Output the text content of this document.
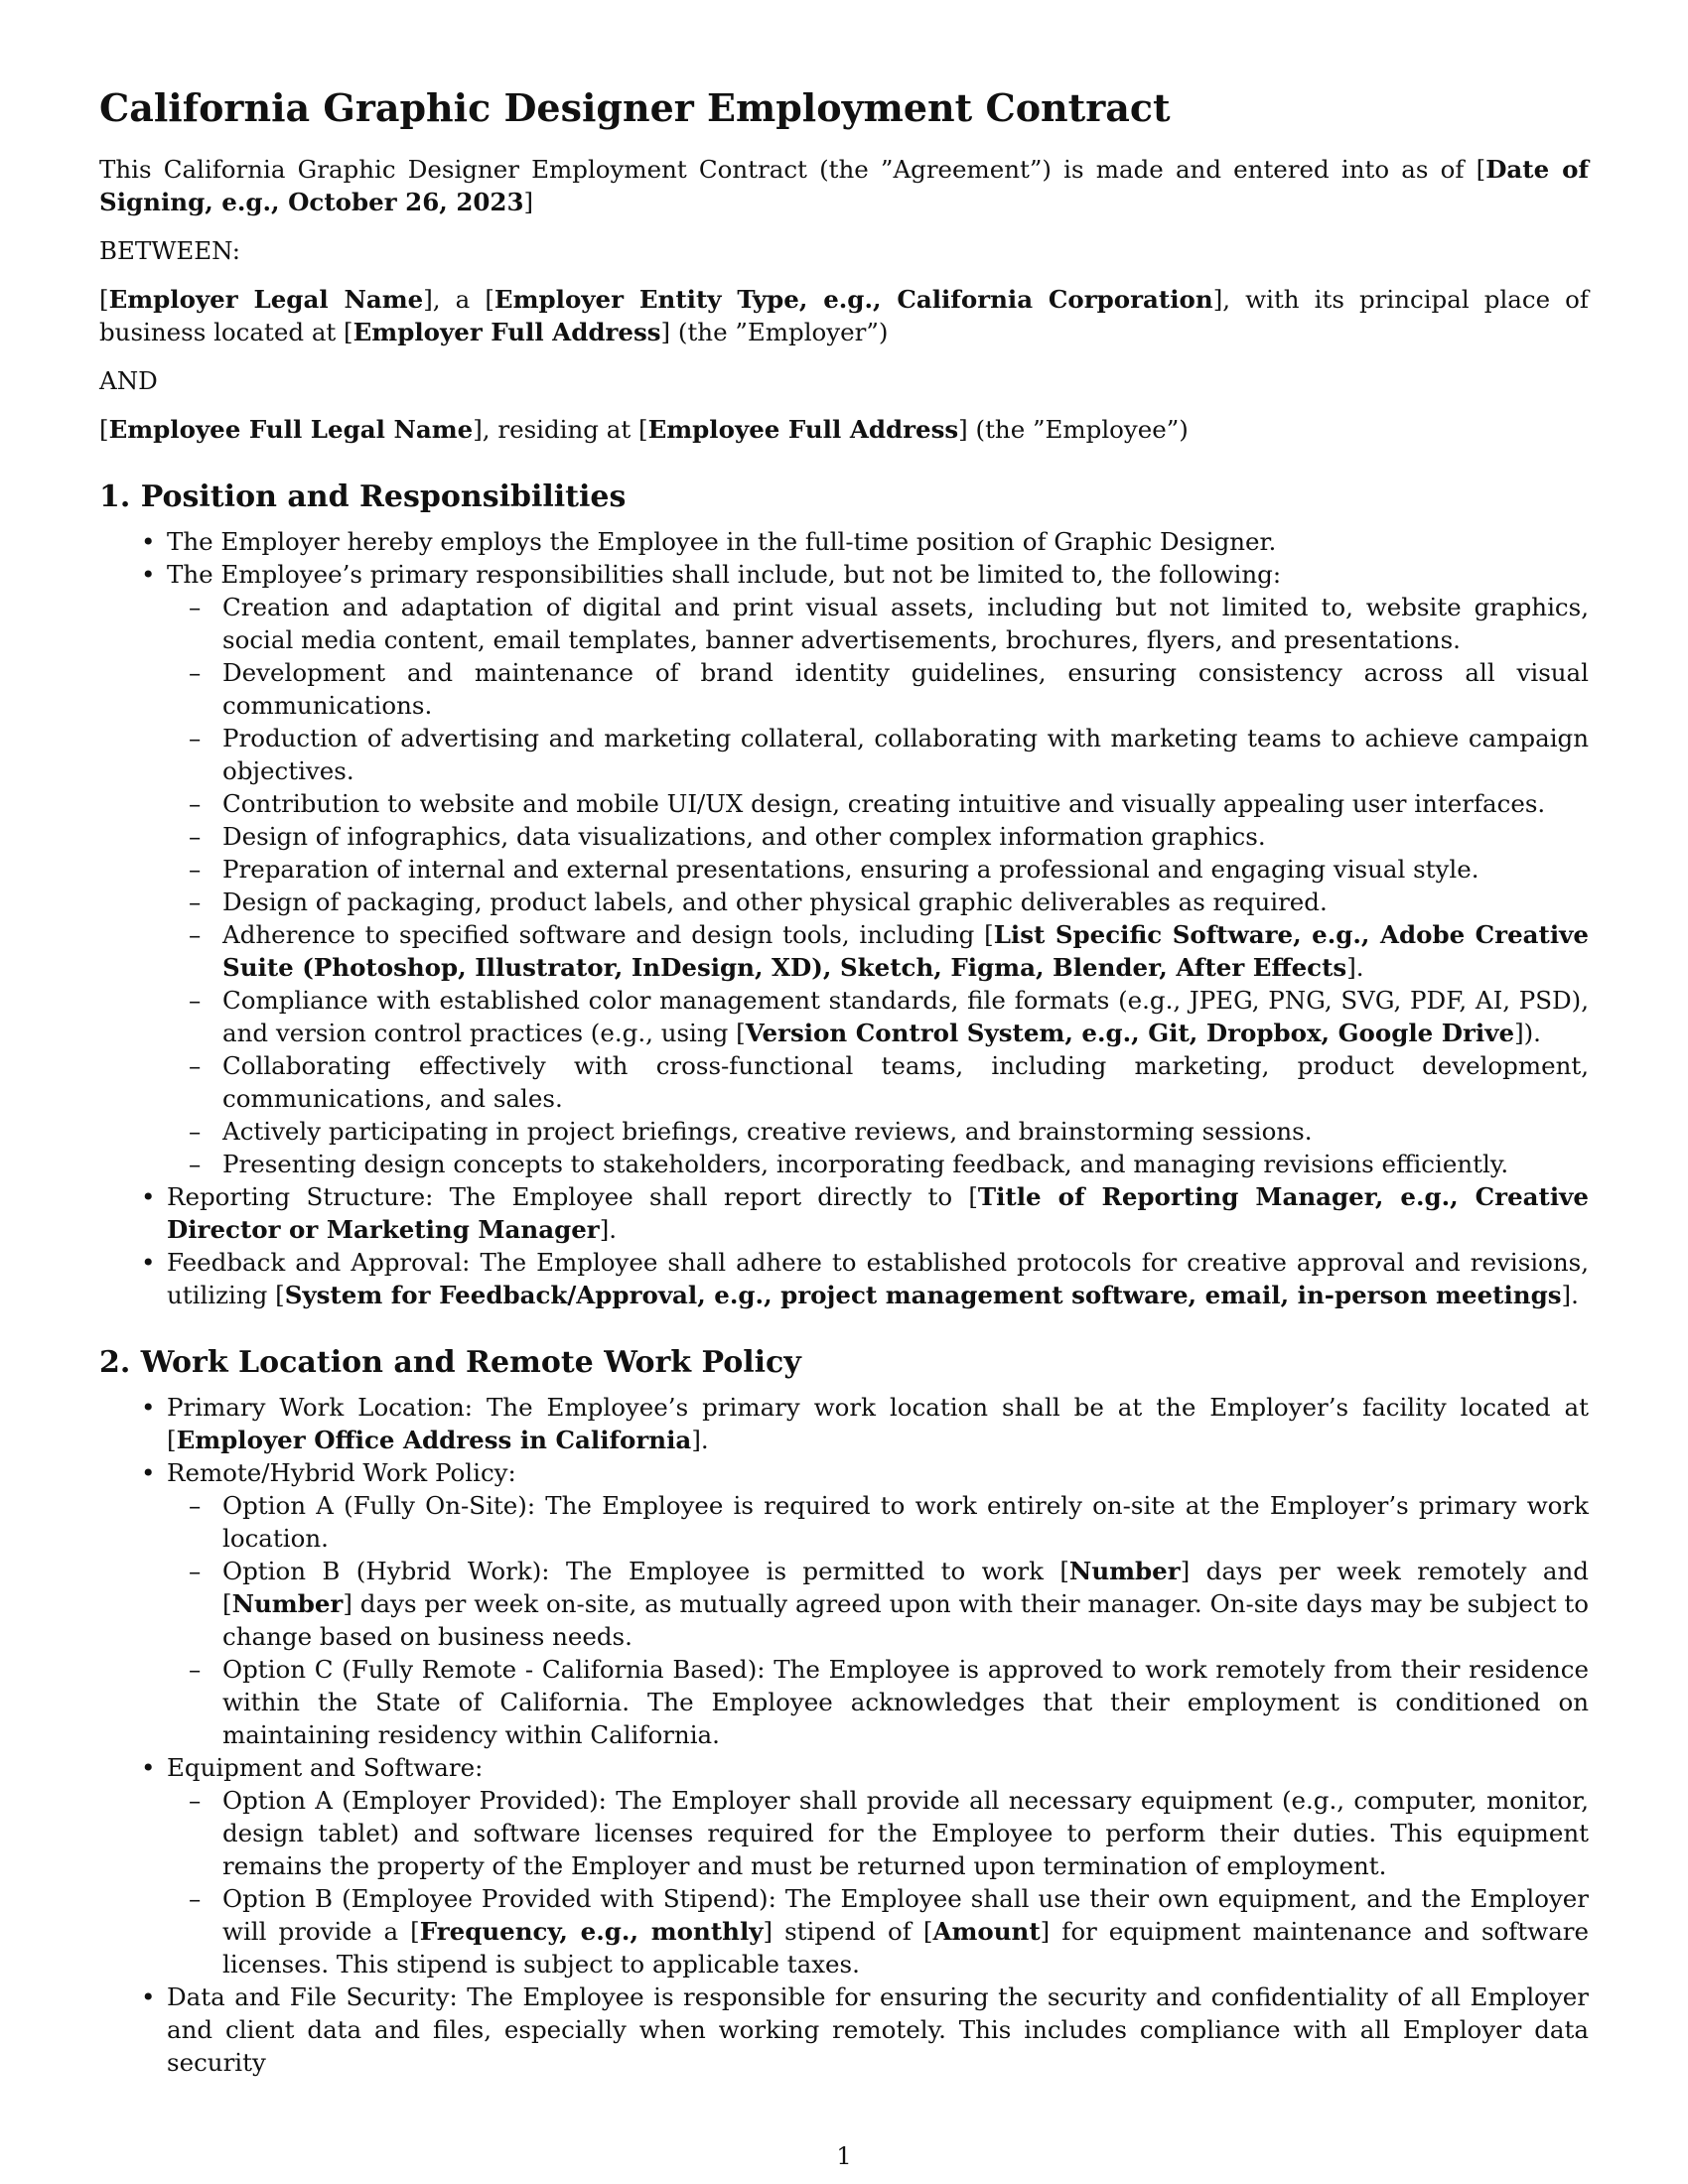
California Graphic Designer Employment Contract

This California Graphic Designer Employment Contract (the ”Agreement”) is made and entered into as of [Date of Signing, e.g., October 26, 2023]

BETWEEN:

[Employer Legal Name], a [Employer Entity Type, e.g., California Corporation], with its principal place of business located at [Employer Full Address] (the ”Employer”)

AND

[Employee Full Legal Name], residing at [Employee Full Address] (the ”Employee”)

1. Position and Responsibilities
• The Employer hereby employs the Employee in the full-time position of Graphic Designer.
• The Employee’s primary responsibilities shall include, but not be limited to, the following:
– Creation and adaptation of digital and print visual assets, including but not limited to, website graphics, social media content, email templates, banner advertisements, brochures, flyers, and presentations.
– Development and maintenance of brand identity guidelines, ensuring consistency across all visual communications.
– Production of advertising and marketing collateral, collaborating with marketing teams to achieve campaign objectives.
– Contribution to website and mobile UI/UX design, creating intuitive and visually appealing user interfaces.
– Design of infographics, data visualizations, and other complex information graphics.
– Preparation of internal and external presentations, ensuring a professional and engaging visual style.
– Design of packaging, product labels, and other physical graphic deliverables as required.
– Adherence to specified software and design tools, including [List Specific Software, e.g., Adobe Creative Suite (Photoshop, Illustrator, InDesign, XD), Sketch, Figma, Blender, After Effects].
– Compliance with established color management standards, file formats (e.g., JPEG, PNG, SVG, PDF, AI, PSD), and version control practices (e.g., using [Version Control System, e.g., Git, Dropbox, Google Drive]).
– Collaborating effectively with cross-functional teams, including marketing, product development, communications, and sales.
– Actively participating in project briefings, creative reviews, and brainstorming sessions.
– Presenting design concepts to stakeholders, incorporating feedback, and managing revisions efficiently.
• Reporting Structure: The Employee shall report directly to [Title of Reporting Manager, e.g., Creative Director or Marketing Manager].
• Feedback and Approval: The Employee shall adhere to established protocols for creative approval and revisions, utilizing [System for Feedback/Approval, e.g., project management software, email, in-person meetings].
2. Work Location and Remote Work Policy
• Primary Work Location: The Employee’s primary work location shall be at the Employer’s facility located at [Employer Office Address in California].
• Remote/Hybrid Work Policy:
– Option A (Fully On-Site): The Employee is required to work entirely on-site at the Employer’s primary work location.
– Option B (Hybrid Work): The Employee is permitted to work [Number] days per week remotely and [Number] days per week on-site, as mutually agreed upon with their manager. On-site days may be subject to change based on business needs.
– Option C (Fully Remote - California Based): The Employee is approved to work remotely from their residence within the State of California. The Employee acknowledges that their employment is conditioned on maintaining residency within California.
• Equipment and Software:
– Option A (Employer Provided): The Employer shall provide all necessary equipment (e.g., computer, monitor, design tablet) and software licenses required for the Employee to perform their duties. This equipment remains the property of the Employer and must be returned upon termination of employment.
– Option B (Employee Provided with Stipend): The Employee shall use their own equipment, and the Employer will provide a [Frequency, e.g., monthly] stipend of [Amount] for equipment maintenance and software licenses. This stipend is subject to applicable taxes.
• Data and File Security: The Employee is responsible for ensuring the security and confidentiality of all Employer and client data and files, especially when working remotely. This includes compliance with all Employer data security
1
